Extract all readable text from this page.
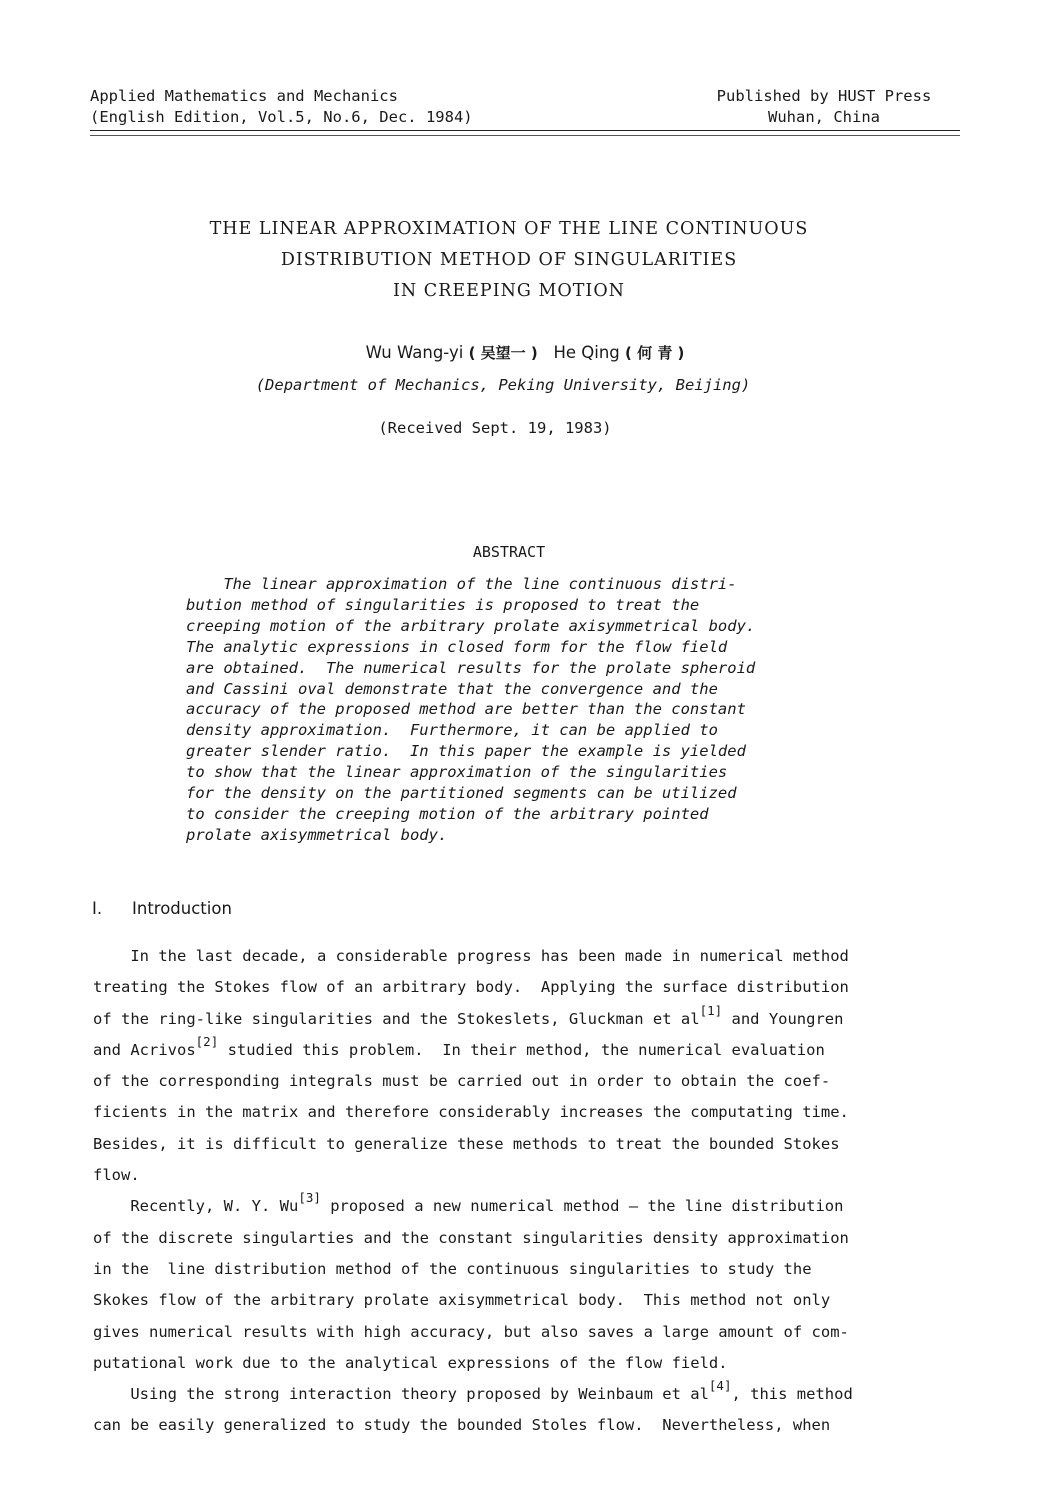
Applied Mathematics and Mechanics
(English Edition, Vol.5, No.6, Dec. 1984)
Published by HUST Press
Wuhan, China
THE LINEAR APPROXIMATION OF THE LINE CONTINUOUS
DISTRIBUTION METHOD OF SINGULARITIES
IN CREEPING MOTION
Wu Wang-yi ( 吴望一 ) He Qing ( 何 青 )
(Department of Mechanics, Peking University, Beijing)
(Received Sept. 19, 1983)
ABSTRACT
The linear approximation of the line continuous distri-
bution method of singularities is proposed to treat the
creeping motion of the arbitrary prolate axisymmetrical body.
The analytic expressions in closed form for the flow field
are obtained.  The numerical results for the prolate spheroid
and Cassini oval demonstrate that the convergence and the
accuracy of the proposed method are better than the constant
density approximation.  Furthermore, it can be applied to
greater slender ratio.  In this paper the example is yielded
to show that the linear approximation of the singularities
for the density on the partitioned segments can be utilized
to consider the creeping motion of the arbitrary pointed
prolate axisymmetrical body.
I. Introduction
In the last decade, a considerable progress has been made in numerical method
treating the Stokes flow of an arbitrary body.  Applying the surface distribution
of the ring-like singularities and the Stokeslets, Gluckman et al[1] and Youngren
and Acrivos[2] studied this problem.  In their method, the numerical evaluation
of the corresponding integrals must be carried out in order to obtain the coef-
ficients in the matrix and therefore considerably increases the computating time.
Besides, it is difficult to generalize these methods to treat the bounded Stokes
flow.
Recently, W. Y. Wu[3] proposed a new numerical method — the line distribution
of the discrete singularties and the constant singularities density approximation
in the  line distribution method of the continuous singularities to study the
Skokes flow of the arbitrary prolate axisymmetrical body.  This method not only
gives numerical results with high accuracy, but also saves a large amount of com-
putational work due to the analytical expressions of the flow field.
Using the strong interaction theory proposed by Weinbaum et al[4], this method
can be easily generalized to study the bounded Stoles flow.  Nevertheless, when
